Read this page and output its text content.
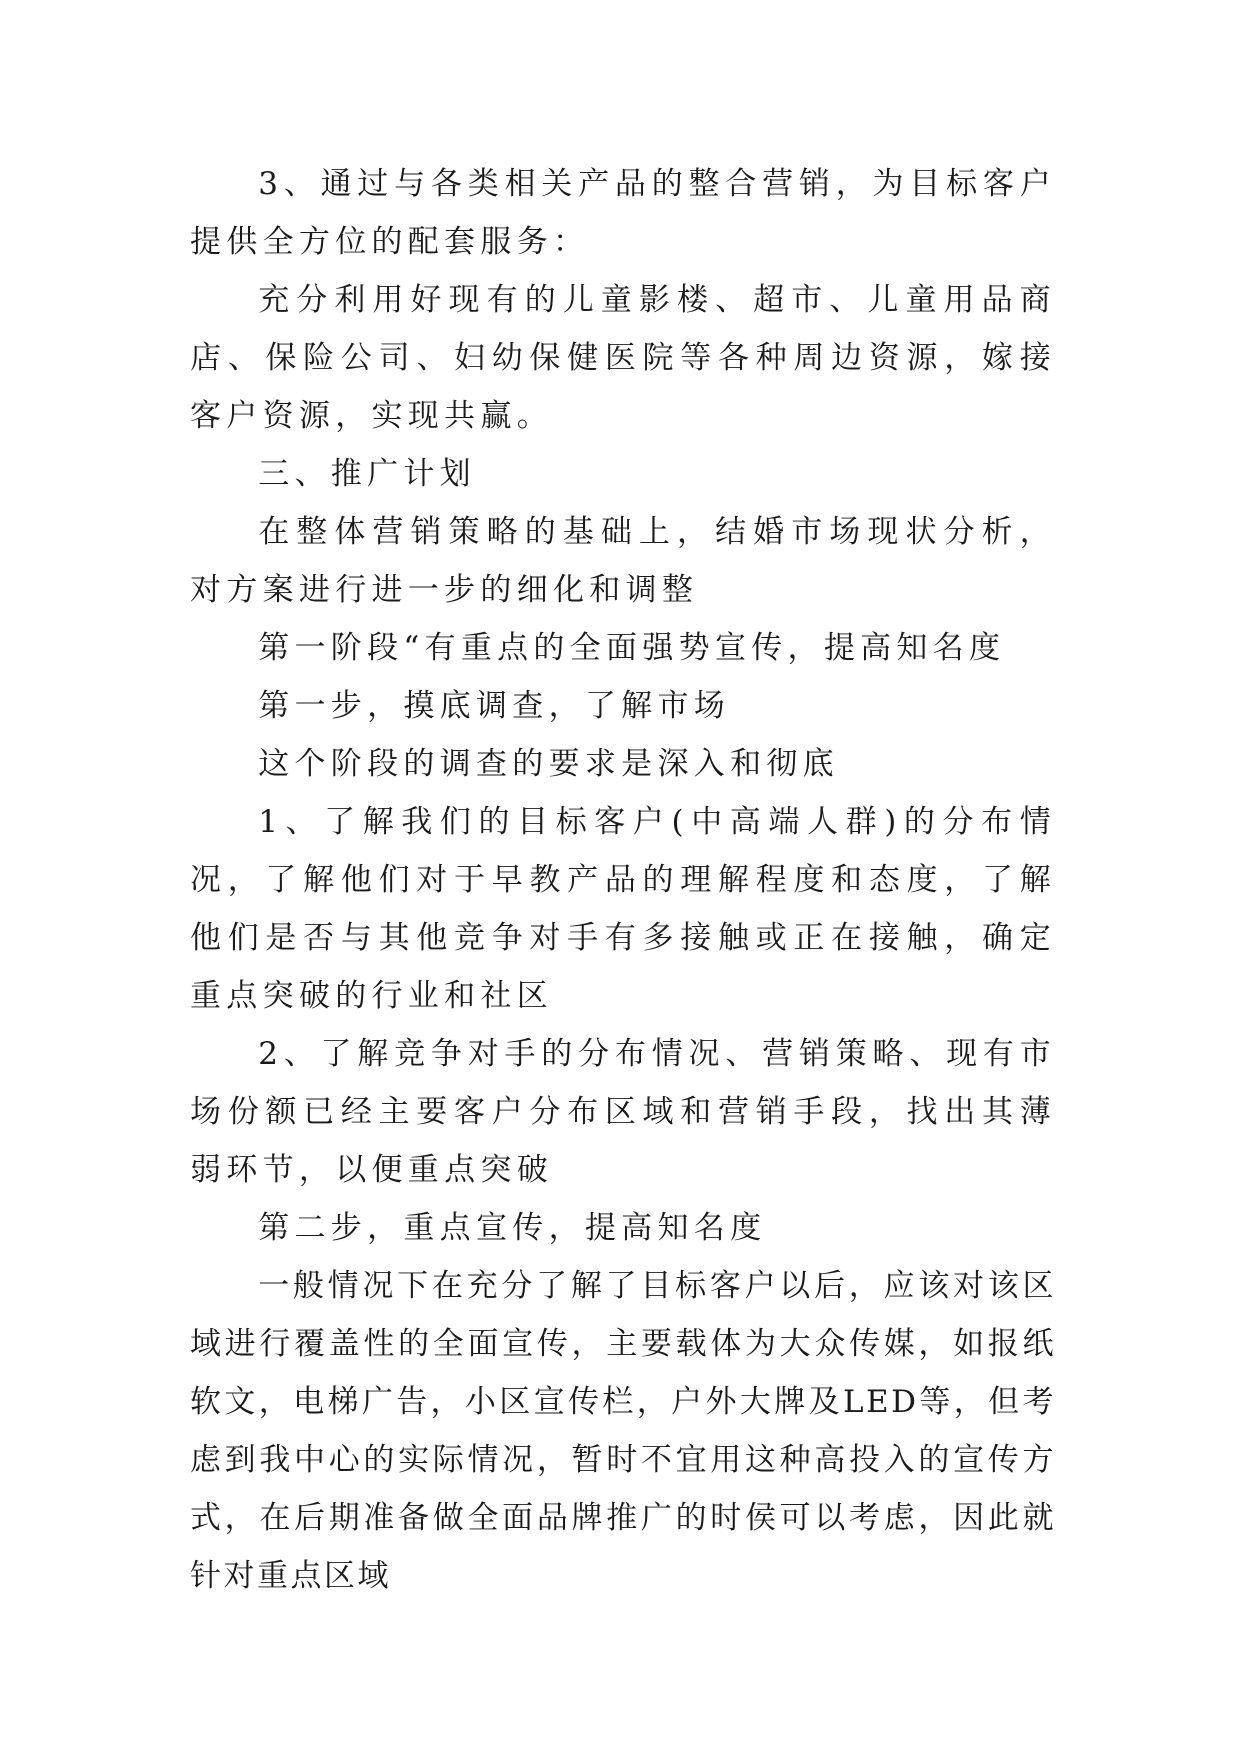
3、通过与各类相关产品的整合营销，为目标客户提供全方位的配套服务：

充分利用好现有的儿童影楼、超市、儿童用品商店、保险公司、妇幼保健医院等各种周边资源，嫁接客户资源，实现共赢。

三、推广计划

在整体营销策略的基础上，结婚市场现状分析，对方案进行进一步的细化和调整

第一阶段“有重点的全面强势宣传，提高知名度

第一步，摸底调查，了解市场

这个阶段的调查的要求是深入和彻底

1、了解我们的目标客户(中高端人群)的分布情况，了解他们对于早教产品的理解程度和态度，了解他们是否与其他竞争对手有多接触或正在接触，确定重点突破的行业和社区

2、了解竞争对手的分布情况、营销策略、现有市场份额已经主要客户分布区域和营销手段，找出其薄弱环节，以便重点突破

第二步，重点宣传，提高知名度

一般情况下在充分了解了目标客户以后，应该对该区域进行覆盖性的全面宣传，主要载体为大众传媒，如报纸软文，电梯广告，小区宣传栏，户外大牌及LED等，但考虑到我中心的实际情况，暂时不宜用这种高投入的宣传方式，在后期准备做全面品牌推广的时侯可以考虑，因此就针对重点区域
